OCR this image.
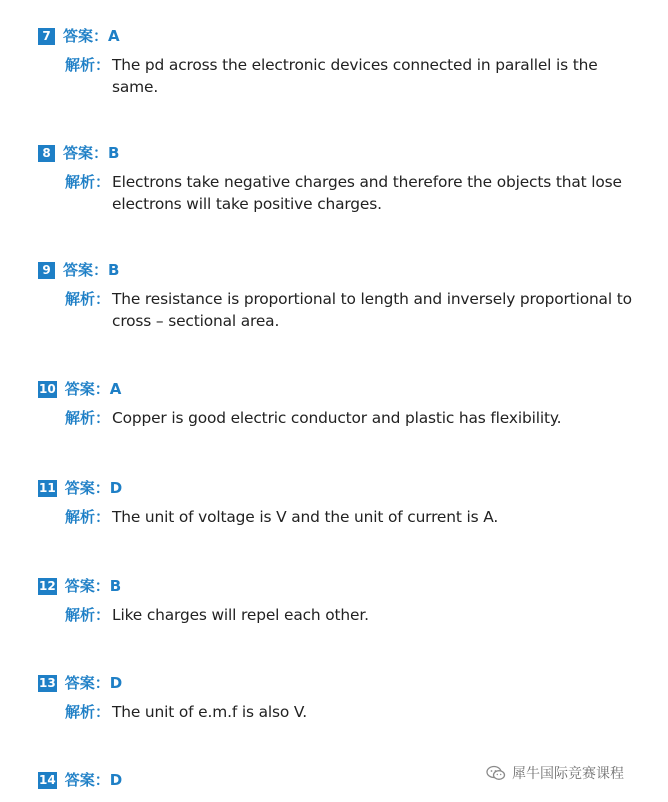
7 答案：A
解析： The pd across the electronic devices connected in parallel is the same.
8 答案：B
解析： Electrons take negative charges and therefore the objects that lose electrons will take positive charges.
9 答案：B
解析： The resistance is proportional to length and inversely proportional to cross – sectional area.
10 答案：A
解析： Copper is good electric conductor and plastic has flexibility.
11 答案：D
解析： The unit of voltage is V and the unit of current is A.
12 答案：B
解析： Like charges will repel each other.
13 答案：D
解析： The unit of e.m.f is also V.
14 答案：D	犀牛国际竞赛课程
